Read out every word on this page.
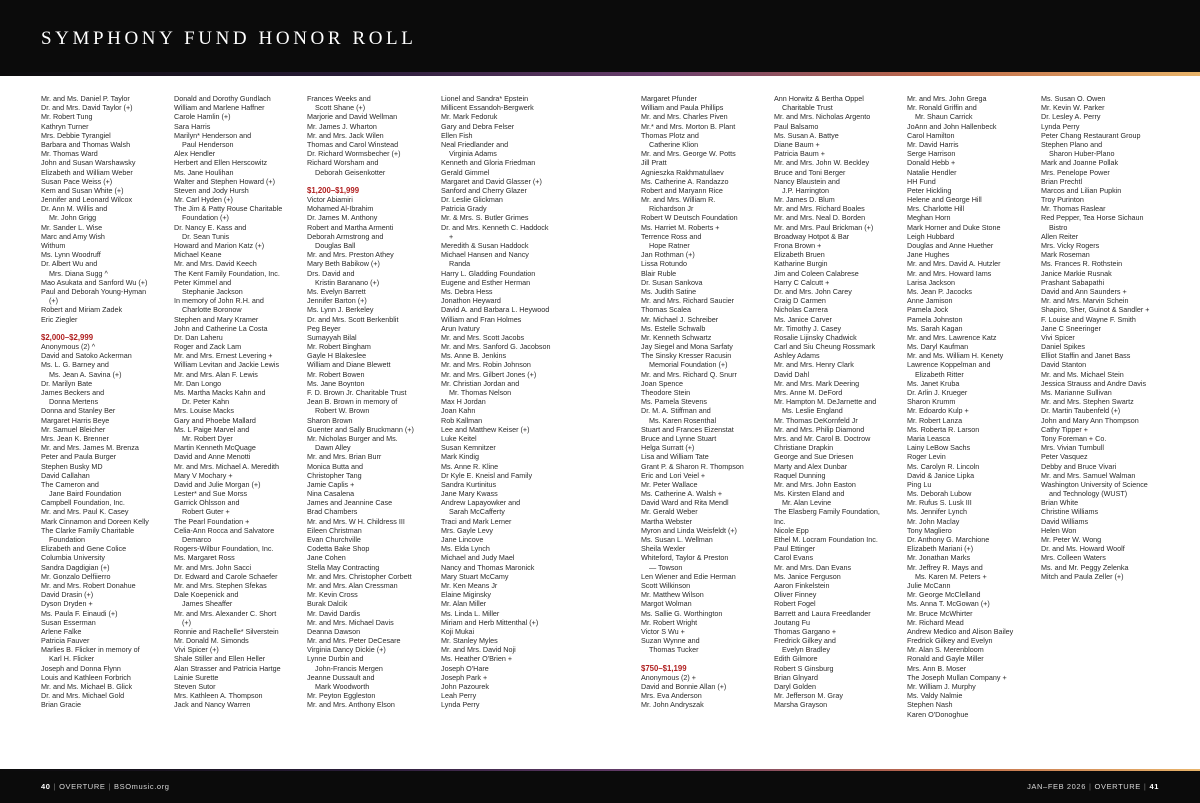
SYMPHONY FUND HONOR ROLL
Mr. and Ms. Daniel P. Taylor
Dr. and Mrs. David Taylor (+)
Mr. Robert Tung
Kathryn Turner
Mrs. Debbie Tyrangiel
Barbara and Thomas Walsh
Mr. Thomas Ward
John and Susan Warshawsky
Elizabeth and William Weber
Susan Pace Weiss (+)
Kem and Susan White (+)
Jennifer and Leonard Wilcox
Dr. Ann M. Willis and
Mr. John Grigg
Mr. Sander L. Wise
Marc and Amy Wish
Withum
Ms. Lynn Woodruff
Dr. Albert Wu and
Mrs. Diana Sugg ^
Mao Asukata and Sanford Wu (+)
Paul and Deborah Young-Hyman
(+)
Robert and Miriam Zadek
Eric Ziegler

$2,000–$2,999
Anonymous (2) ^
David and Satoko Ackerman
Ms. L. G. Barney and
Ms. Jean A. Savina (+)
Dr. Marilyn Bate
James Beckers and
Donna Mertens
Donna and Stanley Ber
Margaret Harris Beye
Mr. Samuel Bleicher
Mrs. Jean K. Brenner
Mr. and Mrs. James M. Brenza
Peter and Paula Burger
Stephen Busky MD
David Callahan
The Cameron and
Jane Baird Foundation
Campbell Foundation, Inc.
Mr. and Mrs. Paul K. Casey
Mark Cinnamon and Doreen Kelly
The Clarke Family Charitable
Foundation
Elizabeth and Gene Colice
Columbia University
Sandra Dagdigian (+)
Mr. Gonzalo Delfiierro
Mr. and Mrs. Robert Donahue
David Drasin (+)
Dyson Dryden +
Ms. Paula F. Einaudi (+)
Susan Esserman
Arlene Falke
Patricia Fauver
Marlies B. Flicker in memory of
Karl H. Flicker
Joseph and Donna Flynn
Louis and Kathleen Forbrich
Mr. and Ms. Michael B. Glick
Dr. and Mrs. Michael Gold
Brian Gracie
Donald and Dorothy Gundlach
William and Marlene Haffner
Carole Hamlin (+)
Sara Harris
Marilyn* Henderson and
Paul Henderson
Alex Hendler
Herbert and Ellen Herscowitz
Ms. Jane Houlihan
Walter and Stephen Howard (+)
Steven and Jody Hursh
Mr. Carl Hyden (+)
The Jim & Patty Rouse Charitable
Foundation (+)
Dr. Nancy E. Kass and
Dr. Sean Tunis
Howard and Marion Katz (+)
Michael Keane
Mr. and Mrs. David Keech
The Kent Family Foundation, Inc.
Peter Kimmel and
Stephanie Jackson
In memory of John R.H. and
Charlotte Boronow
Stephen and Mary Kramer
John and Catherine La Costa
Dr. Dan Laheru
Roger and Zack Lam
Mr. and Mrs. Ernest Levering +
William Levitan and Jackie Lewis
Mr. and Mrs. Alan F. Lewis
Mr. Dan Longo
Ms. Martha Macks Kahn and
Dr. Peter Kahn
Mrs. Louise Macks
Gary and Phoebe Mallard
Ms. L Paige Marvel and
Mr. Robert Dyer
Martin Kenneth McQuage
David and Anne Menotti
Mr. and Mrs. Michael A. Meredith
Mary V Mochary +
David and Julie Morgan (+)
Lester* and Sue Morss
Garrick Ohlsson and
Robert Guter +
The Pearl Foundation +
Celia-Ann Rocca and Salvatore
Demarco
Rogers-Wilbur Foundation, Inc.
Ms. Margaret Ross
Mr. and Mrs. John Sacci
Dr. Edward and Carole Schaefer
Mr. and Mrs. Stephen Sfekas
Dale Koepenick and
James Sheaffer
Mr. and Mrs. Alexander C. Short
(+)
Ronnie and Rachelle* Silverstein
Mr. Donald M. Simonds
Vivi Spicer (+)
Shale Stiller and Ellen Heller
Alan Strasser and Patricia Hartge
Lainie Surette
Steven Sutor
Mrs. Kathleen A. Thompson
Jack and Nancy Warren
Frances Weeks and
Scott Shane (+)
Marjorie and David Wellman
Mr. James J. Wharton
Mr. and Mrs. Jack Wilen
Thomas and Carol Winstead
Dr. Richard Wormsbecher (+)
Richard Worsham and
Deborah Geisenkotter

$1,200–$1,999
Victor Abiamiri
Mohamed Al-Ibrahim
Dr. James M. Anthony
Robert and Martha Armenti
Deborah Armstrong and
Douglas Ball
Mr. and Mrs. Preston Athey
Mary Beth Babikow (+)
Drs. David and
Kristin Baranano (+)
Ms. Evelyn Barrett
Jennifer Barton (+)
Ms. Lynn J. Berkeley
Dr. and Mrs. Scott Berkenblit
Peg Beyer
Sumayyah Bilal
Mr. Robert Bingham
Gayle H Blakeslee
William and Diane Blewett
Mr. Robert Bowen
Ms. Jane Boynton
F. D. Brown Jr. Charitable Trust
Jean B. Brown in memory of
Robert W. Brown
Sharon Brown
Guenter and Sally Bruckmann (+)
Mr. Nicholas Burger and Ms.
Dawn Alley
Mr. and Mrs. Brian Burr
Monica Butta and
Christopher Tang
Jamie Caplis +
Nina Casalena
James and Jeannine Case
Brad Chambers
Mr. and Mrs. W H. Childress III
Eileen Christman
Evan Churchville
Codetta Bake Shop
Jane Cohen
Stella May Contracting
Mr. and Mrs. Christopher Corbett
Mr. and Mrs. Alan Cressman
Mr. Kevin Cross
Burak Dalcik
Mr. David Dardis
Mr. and Mrs. Michael Davis
Deanna Dawson
Mr. and Mrs. Peter DeCesare
Virginia Dancy Dickie (+)
Lynne Durbin and
John-Francis Mergen
Jeanne Dussault and
Mark Woodworth
Mr. Peyton Eggleston
Mr. and Mrs. Anthony Elson
Lionel and Sandra* Epstein
Millicent Essandoh-Bergwerk
Mr. Mark Fedoruk
Gary and Debra Felser
Ellen Fish
Neal Friedlander and
Virginia Adams
Kenneth and Gloria Friedman
Gerald Gimmel
Margaret and David Glasser (+)
Sanford and Cherry Glazer
Dr. Leslie Glickman
Patricia Grady
Mr. & Mrs. S. Butler Grimes
Dr. and Mrs. Kenneth C. Haddock
+
Meredith & Susan Haddock
Michael Hansen and Nancy
Randa
Harry L. Gladding Foundation
Eugene and Esther Herman
Ms. Debra Hess
Jonathon Heyward
David A. and Barbara L. Heywood
William and Fran Holmes
Arun Ivatury
Mr. and Mrs. Scott Jacobs
Mr. and Mrs. Sanford G. Jacobson
Ms. Anne B. Jenkins
Mr. and Mrs. Robin Johnson
Mr. and Mrs. Gilbert Jones (+)
Mr. Christian Jordan and
Mr. Thomas Nelson
Max H Jordan
Joan Kahn
Rob Kallman
Lee and Matthew Keiser (+)
Luke Keitel
Susan Kemnitzer
Mark Kindig
Ms. Anne R. Kline
Dr Kyle E. Kneisl and Family
Sandra Kurtinitus
Jane Mary Kwass
Andrew Lapayowker and
Sarah McCafferty
Traci and Mark Lerner
Mrs. Gayle Levy
Jane Lincove
Ms. Elda Lynch
Michael and Judy Mael
Nancy and Thomas Maronick
Mary Stuart McCamy
Mr. Ken Means Jr
Elaine Miginsky
Mr. Alan Miller
Ms. Linda L. Miller
Miriam and Herb Mittenthal (+)
Koji Mukai
Mr. Stanley Myles
Mr. and Mrs. David Noji
Ms. Heather O'Brien +
Joseph O'Hare
Joseph Park +
John Pazourek
Leah Perry
Lynda Perry
Margaret Pfunder
William and Paula Phillips
Mr. and Mrs. Charles Piven
Mr.* and Mrs. Morton B. Plant
Thomas Plotz and
Catherine Klion
Mr. and Mrs. George W. Potts
Jill Pratt
Agnieszka Rakhmatullaev
Ms. Catherine A. Randazzo
Robert and Maryann Rice
Mr. and Mrs. William R.
Richardson Jr
Robert W Deutsch Foundation
Ms. Harriet M. Roberts +
Terrence Ross and
Hope Ratner
Jan Rothman (+)
Lissa Rotundo
Blair Ruble
Dr. Susan Sankova
Ms. Judith Satine
Mr. and Mrs. Richard Saucier
Thomas Scalea
Mr. Michael J. Schreiber
Ms. Estelle Schwalb
Mr. Kenneth Schwartz
Jay Siegel and Mona Sarfaty
The Sinsky Kresser Racusin
Memorial Foundation (+)
Mr. and Mrs. Richard Q. Snurr
Joan Spence
Theodore Stein
Ms. Pamela Stevens
Dr. M. A. Stiffman and
Ms. Karen Rosenthal
Stuart and Frances Eizenstat
Bruce and Lynne Stuart
Helga Surratt (+)
Lisa and William Tate
Grant P. & Sharon R. Thompson
Eric and Lori Veiel +
Mr. Peter Wallace
Ms. Catherine A. Walsh +
David Ward and Rita Mendl
Mr. Gerald Weber
Martha Webster
Myron and Linda Weisfeldt (+)
Ms. Susan L. Wellman
Sheila Wexler
Whiteford, Taylor & Preston
— Towson
Len Wiener and Edie Herman
Scott Wilkinson
Mr. Matthew Wilson
Margot Wolman
Ms. Sallie G. Worthington
Mr. Robert Wright
Victor S Wu +
Suzan Wynne and
Thomas Tucker

$750–$1,199
Anonymous (2) +
David and Bonnie Allan (+)
Mrs. Eva Anderson
Mr. John Andryszak
Ann Horwitz & Bertha Oppel
Charitable Trust
Mr. and Mrs. Nicholas Argento
Paul Balsamo
Ms. Susan A. Battye
Diane Baum +
Patricia Baum +
Mr. and Mrs. John W. Beckley
Bruce and Toni Berger
Nancy Blaustein and
J.P. Harrington
Mr. James D. Blum
Mr. and Mrs. Richard Boales
Mr. and Mrs. Neal D. Borden
Mr. and Mrs. Paul Brickman (+)
Broadway Hotpot & Bar
Frona Brown +
Elizabeth Bruen
Katharine Burgin
Jim and Coleen Calabrese
Harry C Calcutt +
Dr. and Mrs. John Carey
Craig D Carmen
Nicholas Carrera
Ms. Janice Carver
Mr. Timothy J. Casey
Rosalie Lijinsky Chadwick
Carl and Siu Cheung Rossmark
Ashley Adams
Mr. and Mrs. Henry Clark
David Dahl
Mr. and Mrs. Mark Deering
Mrs. Anne M. DeFord
Mr. Hampton M. DeJarnette and
Ms. Leslie England
Mr. Thomas DeKornfeld Jr
Mr. and Mrs. Philip Diamond
Mrs. and Mr. Carol B. Doctrow
Christiane Drapkin
George and Sue Driesen
Marty and Alex Dunbar
Raquel Dunning
Mr. and Mrs. John Easton
Ms. Kirsten Eland and
Mr. Alan Levine
The Elasberg Family Foundation,
Inc.
Nicole Epp
Ethel M. Locram Foundation Inc.
Paul Ettinger
Carol Evans
Mr. and Mrs. Dan Evans
Ms. Janice Ferguson
Aaron Finkelstein
Oliver Finney
Robert Fogel
Barrett and Laura Freedlander
Joutang Fu
Thomas Gargano +
Fredrick Gilkey and
Evelyn Bradley
Edith Gilmore
Robert S Ginsburg
Brian Glnyard
Daryl Golden
Mr. Jefferson M. Gray
Marsha Grayson
Mr. and Mrs. John Grega
Mr. Ronald Griffin and
Mr. Shaun Carrick
JoAnn and John Hallenbeck
Carol Hamilton
Mr. David Harris
Serge Harrison
Donald Hebb +
Natalie Hendler
HH Fund
Peter Hickling
Helene and George Hill
Mrs. Charlotte Hill
Meghan Horn
Mark Horner and Duke Stone
Leigh Hubbard
Douglas and Anne Huether
Jane Hughes
Mr. and Mrs. David A. Hutzler
Mr. and Mrs. Howard Iams
Larisa Jackson
Ms. Jean P. Jacocks
Anne Jamison
Pamela Jock
Pamela Johnston
Ms. Sarah Kagan
Mr. and Mrs. Lawrence Katz
Ms. Daryl Kaufman
Mr. and Ms. William H. Kenety
Lawrence Koppelman and
Elizabeth Ritter
Ms. Janet Kruba
Dr. Arlin J. Krueger
Sharon Krumm
Mr. Edoardo Kulp +
Mr. Robert Lanza
Ms. Roberta R. Larson
Maria Leasca
Lainy LeBow Sachs
Roger Levin
Ms. Carolyn R. Lincoln
David & Janice Lipka
Ping Lu
Ms. Deborah Lubow
Mr. Rufus S. Lusk III
Ms. Jennifer Lynch
Mr. John Maclay
Tony Magliero
Dr. Anthony G. Marchione
Elizabeth Mariani (+)
Mr. Jonathan Marks
Mr. Jeffrey R. Mays and
Ms. Karen M. Peters +
Julie McCann
Mr. George McClelland
Ms. Anna T. McGowan (+)
Mr. Bruce McWhirter
Mr. Richard Mead
Andrew Medico and Alison Bailey
Fredrick Gilkey and Evelyn
Mr. Alan S. Merenbloom
Ronald and Gayle Miller
Mrs. Ann B. Moser
The Joseph Mullan Company +
Mr. William J. Murphy
Ms. Valdy Nalmie
Stephen Nash
Karen O'Donoghue
Ms. Susan O. Owen
Mr. Kevin W. Parker
Dr. Lesley A. Perry
Lynda Perry
Peter Chang Restaurant Group
Stephen Plano and
Sharon Huber-Plano
Mark and Joanne Pollak
Mrs. Penelope Power
Brian Prechtl
Marcos and Lilian Pupkin
Troy Purinton
Mr. Thomas Raslear
Red Pepper, Tea Horse Sichaun
Bistro
Allen Reiter
Mrs. Vicky Rogers
Mark Roseman
Ms. Frances R. Rothstein
Janice Markie Rusnak
Prashant Sabapathi
David and Ann Saunders +
Mr. and Mrs. Marvin Schein
Shapiro, Sher, Guinot & Sandler +
F. Louise and Wayne F. Smith
Jane C Sneeringer
Vivi Spicer
Daniel Spikes
Elliot Staffin and Janet Bass
David Stanton
Mr. and Ms. Michael Stein
Jessica Strauss and Andre Davis
Ms. Marianne Sullivan
Mr. and Mrs. Stephen Swartz
Dr. Martin Taubenfeld (+)
John and Mary Ann Thompson
Cathy Tipper +
Tony Foreman + Co.
Mrs. Vivian Turnbull
Peter Vasquez
Debby and Bruce Vivari
Mr. and Mrs. Samuel Walman
Washington University of Science
and Technology (WUST)
Brian White
Christine Williams
David Williams
Helen Won
Mr. Peter W. Wong
Dr. and Ms. Howard Woolf
Mrs. Colleen Waters
Ms. and Mr. Peggy Zelenka
Mitch and Paula Zeller (+)
40 | OVERTURE | BSOmusic.org	JAN–FEB 2026 | OVERTURE | 41
